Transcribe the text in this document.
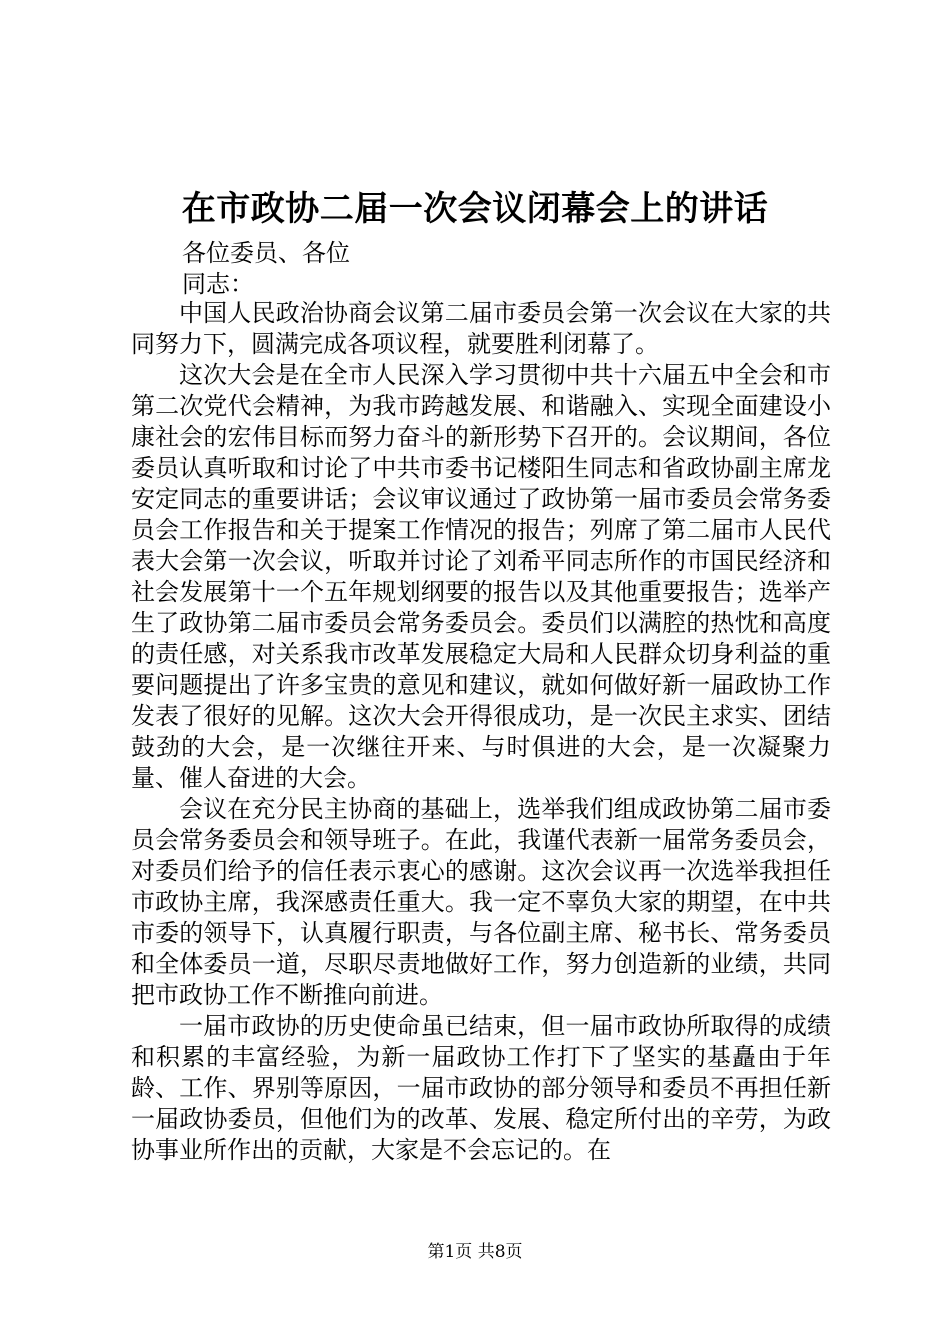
在市政协二届一次会议闭幕会上的讲话
各位委员、各位
同志：

中国人民政治协商会议第二届市委员会第一次会议在大家的共同努力下，圆满完成各项议程，就要胜利闭幕了。

这次大会是在全市人民深入学习贯彻中共十六届五中全会和市第二次党代会精神，为我市跨越发展、和谐融入、实现全面建设小康社会的宏伟目标而努力奋斗的新形势下召开的。会议期间，各位委员认真听取和讨论了中共市委书记楼阳生同志和省政协副主席龙安定同志的重要讲话；会议审议通过了政协第一届市委员会常务委员会工作报告和关于提案工作情况的报告；列席了第二届市人民代表大会第一次会议，听取并讨论了刘希平同志所作的市国民经济和社会发展第十一个五年规划纲要的报告以及其他重要报告；选举产生了政协第二届市委员会常务委员会。委员们以满腔的热忱和高度的责任感，对关系我市改革发展稳定大局和人民群众切身利益的重要问题提出了许多宝贵的意见和建议，就如何做好新一届政协工作发表了很好的见解。这次大会开得很成功，是一次民主求实、团结鼓劲的大会，是一次继往开来、与时俱进的大会，是一次凝聚力量、催人奋进的大会。

会议在充分民主协商的基础上，选举我们组成政协第二届市委员会常务委员会和领导班子。在此，我谨代表新一届常务委员会，对委员们给予的信任表示衷心的感谢。这次会议再一次选举我担任市政协主席，我深感责任重大。我一定不辜负大家的期望，在中共市委的领导下，认真履行职责，与各位副主席、秘书长、常务委员和全体委员一道，尽职尽责地做好工作，努力创造新的业绩，共同把市政协工作不断推向前进。

一届市政协的历史使命虽已结束，但一届市政协所取得的成绩和积累的丰富经验，为新一届政协工作打下了坚实的基矗由于年龄、工作、界别等原因，一届市政协的部分领导和委员不再担任新一届政协委员，但他们为的改革、发展、稳定所付出的辛劳，为政协事业所作出的贡献，大家是不会忘记的。在

第1页 共8页
